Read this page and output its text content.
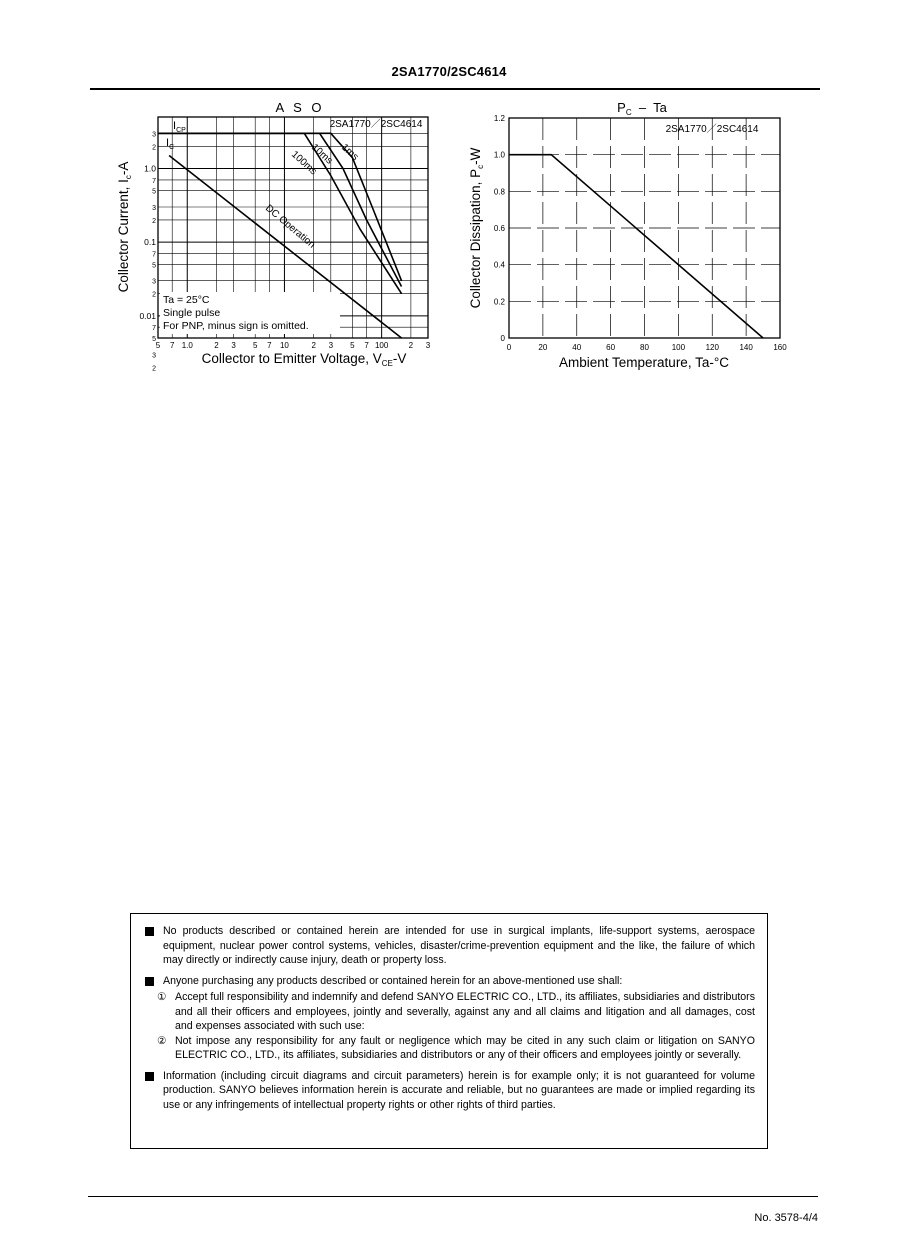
2SA1770/2SC4614
A S O
5 7 1.0	2 3 5 7 10	2 3 5 7 100	2 3
0.01
0.1
1.0
3
2
7
5
3
2
7
5
3
2
7
5
3
2
2SA1770／2SC4614
$I_{CP}$
$I_C$	1ms
10ms
100ms
DC Operation
Ta = 25°C
Single pulse
For PNP, minus sign is omitted.
Collector to Emitter Voltage, $V_{CE}-V$
Collector Current, $I_c-A$
$P_C$  –  Ta
0	20	40	60	80	100	120	140	160
0
0.2
0.4
0.6
0.8
1.0
1.2
2SA1770／2SC4614
Ambient Temperature, Ta-°C
Collector Dissipation, $P_c-W$
No products described or contained herein are intended for use in surgical implants, life-support systems, aerospace equipment, nuclear power control systems, vehicles, disaster/crime-prevention equipment and the like, the failure of which may directly or indirectly cause injury, death or property loss.
Anyone purchasing any products described or contained herein for an above-mentioned use shall:
① Accept full responsibility and indemnify and defend SANYO ELECTRIC CO., LTD., its affiliates, subsidiaries and distributors and all their officers and employees, jointly and severally, against any and all claims and litigation and all damages, cost and expenses associated with such use:
② Not impose any responsibility for any fault or negligence which may be cited in any such claim or litigation on SANYO ELECTRIC CO., LTD., its affiliates, subsidiaries and distributors or any of their officers and employees jointly or severally.
Information (including circuit diagrams and circuit parameters) herein is for example only; it is not guaranteed for volume production. SANYO believes information herein is accurate and reliable, but no guarantees are made or implied regarding its use or any infringements of intellectual property rights or other rights of third parties.
No. 3578-4/4
